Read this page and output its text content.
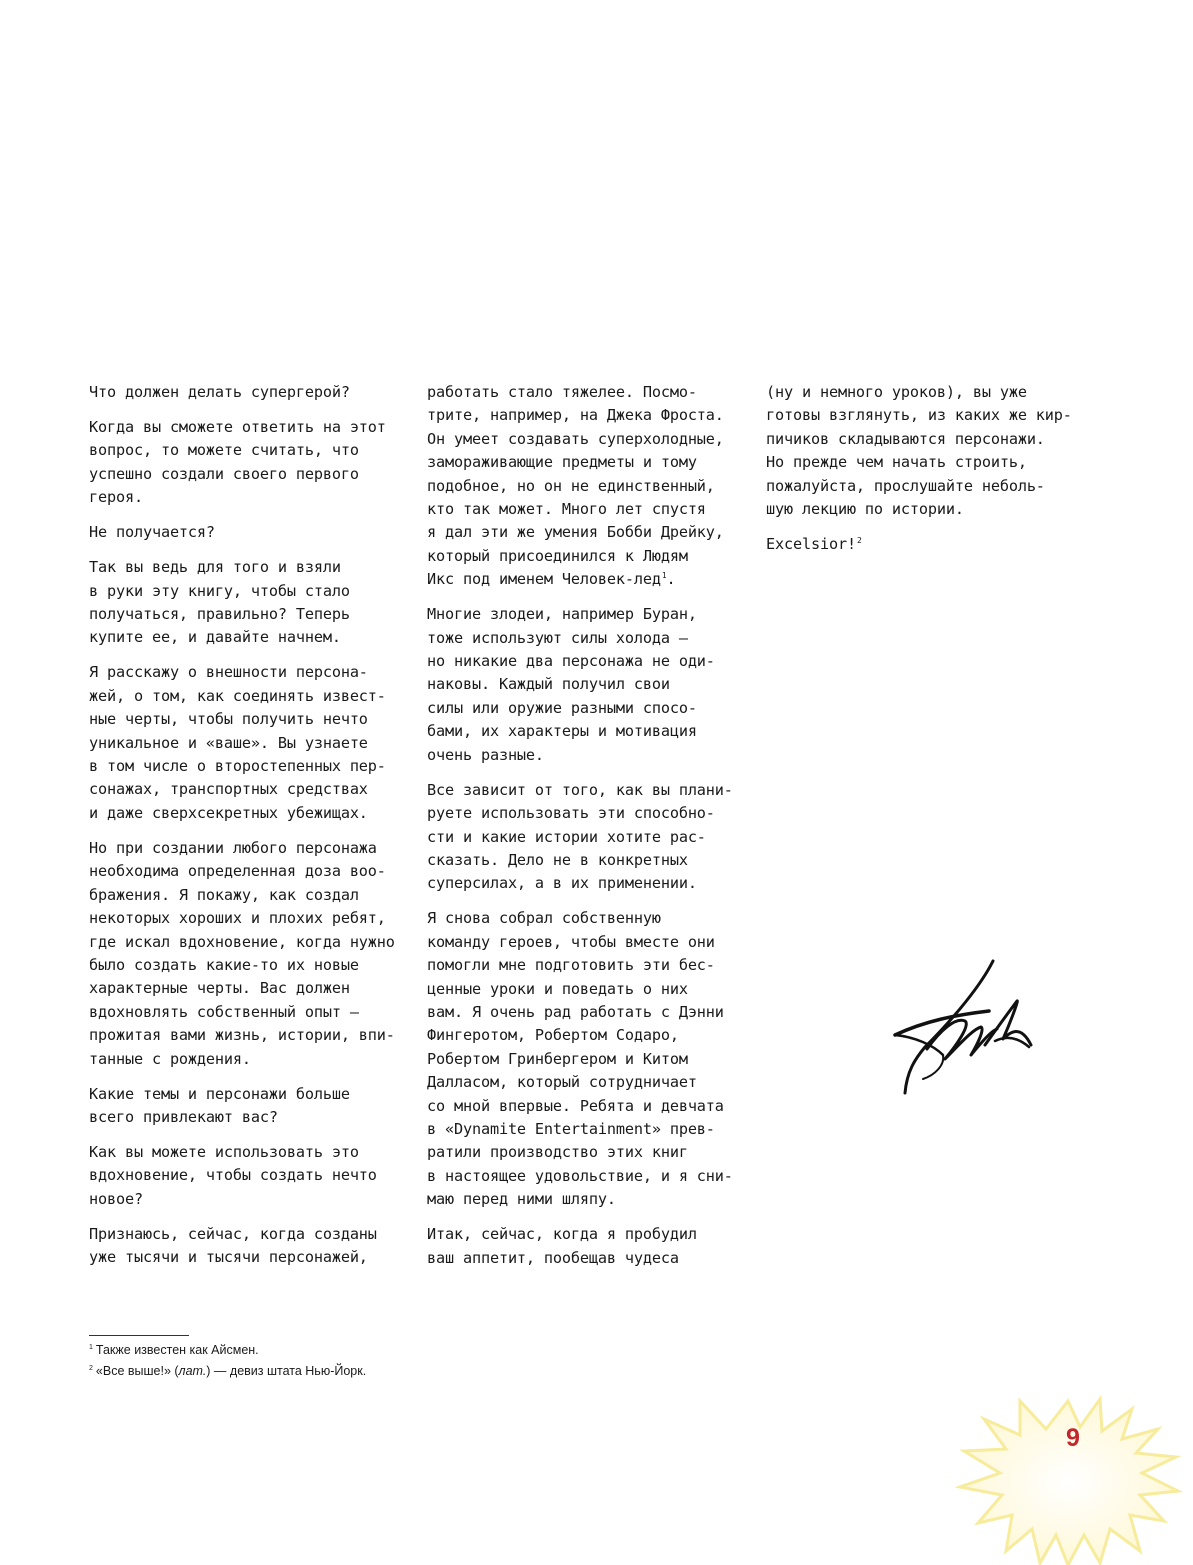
Что должен делать супергерой?

Когда вы сможете ответить на этот
вопрос, то можете считать, что
успешно создали своего первого
героя.

Не получается?

Так вы ведь для того и взяли
в руки эту книгу, чтобы стало
получаться, правильно? Теперь
купите ее, и давайте начнем.

Я расскажу о внешности персона-
жей, о том, как соединять извест-
ные черты, чтобы получить нечто
уникальное и «ваше». Вы узнаете
в том числе о второстепенных пер-
сонажах, транспортных средствах
и даже сверхсекретных убежищах.

Но при создании любого персонажа
необходима определенная доза воо-
бражения. Я покажу, как создал
некоторых хороших и плохих ребят,
где искал вдохновение, когда нужно
было создать какие-то их новые
характерные черты. Вас должен
вдохновлять собственный опыт —
прожитая вами жизнь, истории, впи-
танные с рождения.

Какие темы и персонажи больше
всего привлекают вас?

Как вы можете использовать это
вдохновение, чтобы создать нечто
новое?

Признаюсь, сейчас, когда созданы
уже тысячи и тысячи персонажей,

работать стало тяжелее. Посмо-
трите, например, на Джека Фроста.
Он умеет создавать суперхолодные,
замораживающие предметы и тому
подобное, но он не единственный,
кто так может. Много лет спустя
я дал эти же умения Бобби Дрейку,
который присоединился к Людям
Икс под именем Человек-лед$^1$.

Многие злодеи, например Буран,
тоже используют силы холода —
но никакие два персонажа не оди-
наковы. Каждый получил свои
силы или оружие разными спосо-
бами, их характеры и мотивация
очень разные.

Все зависит от того, как вы плани-
руете использовать эти способно-
сти и какие истории хотите рас-
сказать. Дело не в конкретных
суперсилах, а в их применении.

Я снова собрал собственную
команду героев, чтобы вместе они
помогли мне подготовить эти бес-
ценные уроки и поведать о них
вам. Я очень рад работать с Дэнни
Фингеротом, Робертом Содаро,
Робертом Гринбергером и Китом
Далласом, который сотрудничает
со мной впервые. Ребята и девчата
в «Dynamite Entertainment» прев-
ратили производство этих книг
в настоящее удовольствие, и я сни-
маю перед ними шляпу.

Итак, сейчас, когда я пробудил
ваш аппетит, пообещав чудеса

(ну и немного уроков), вы уже
готовы взглянуть, из каких же кир-
пичиков складываются персонажи.
Но прежде чем начать строить,
пожалуйста, прослушайте неболь-
шую лекцию по истории.

Excelsior!$^2$

$^1$ Также известен как Айсмен.
$^2$ «Все выше!» (лат.) — девиз штата Нью-Йорк.
9
